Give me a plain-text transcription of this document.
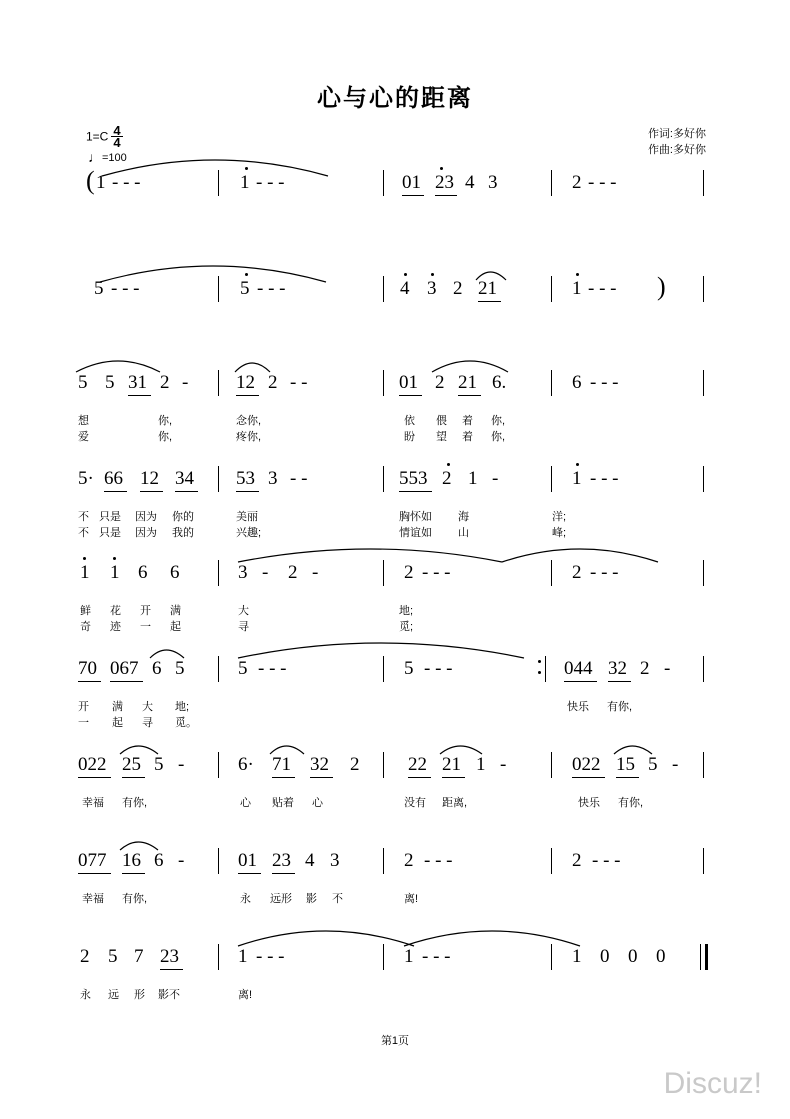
心与心的距离
$1=C \frac{4}{4}$
♩=100
作词:多好你
作曲:多好你
( 1 - - -	1 - - -	01 23 4 3	2 - - -
5 - - -	5 - - -	4 3 2 21	1 - - - )
5 5 31 2 -	12 2 - -	01 2 21 6.	6 - - -
想	你,	念你,	依 偎 着 你,
爱	你,	疼你,	盼 望 着 你,
5· 66 12 34 53 3 - -	553 2 1 -	1 - - -
不 只是 因为 你的	美丽	胸怀如 海	洋;
不 只是 因为 我的	兴趣;	情谊如 山	峰;
1 1 6 6	3 - 2 -	2 - - -	2 - - -
鲜 花 开 满	大	地;
奇 迹 一 起	寻	觅;
70 067 6 5	5 - - -	5 - - -	044 32 2 -
开 满 大 地;	快乐 有你,
一 起 寻 觅。
022 25 5 -	6· 71 32 2	22 21 1 -	022 15 5 -
幸福 有你,	心 贴着 心	没有 距离,	快乐 有你,
077 16 6 -	01 23 4 3	2 - - -	2 - - -
幸福 有你,	永 远形 影 不	离!
2 5 7 23	1 - - -	1 - - -	1 0 0 0
永 远 形 影不	离!
第1页
Discuz!
